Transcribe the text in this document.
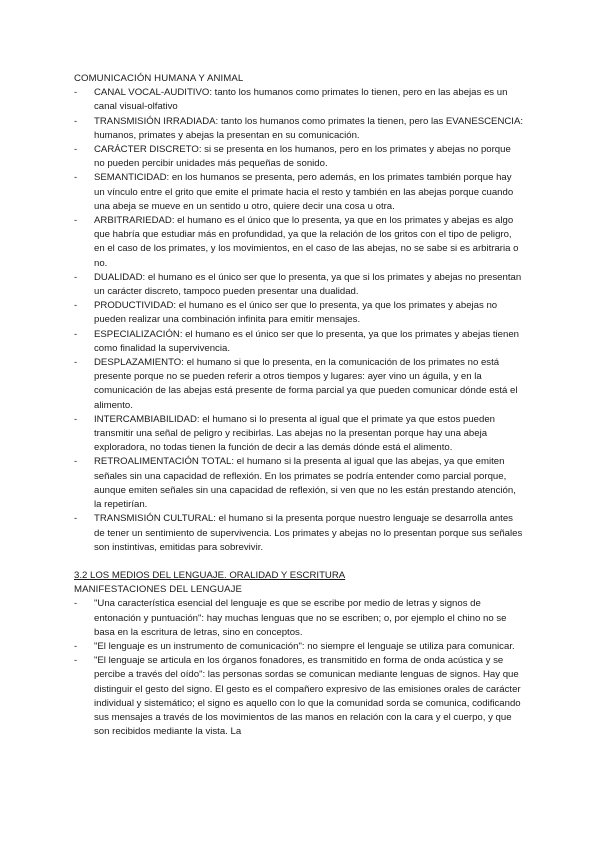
COMUNICACIÓN HUMANA Y ANIMAL

- CANAL VOCAL-AUDITIVO: tanto los humanos como primates lo tienen, pero en las abejas es un canal visual-olfativo
- TRANSMISIÓN IRRADIADA: tanto los humanos como primates la tienen, pero las EVANESCENCIA: humanos, primates y abejas la presentan en su comunicación.
- CARÁCTER DISCRETO: si se presenta en los humanos, pero en los primates y abejas no porque no pueden percibir unidades más pequeñas de sonido.
- SEMANTICIDAD: en los humanos se presenta, pero además, en los primates también porque hay un vínculo entre el grito que emite el primate hacia el resto y también en las abejas porque cuando una abeja se mueve en un sentido u otro, quiere decir una cosa u otra.
- ARBITRARIEDAD: el humano es el único que lo presenta, ya que en los primates y abejas es algo que habría que estudiar más en profundidad, ya que la relación de los gritos con el tipo de peligro, en el caso de los primates, y los movimientos, en el caso de las abejas, no se sabe si es arbitraria o no.
- DUALIDAD: el humano es el único ser que lo presenta, ya que si los primates y abejas no presentan un carácter discreto, tampoco pueden presentar una dualidad.
- PRODUCTIVIDAD: el humano es el único ser que lo presenta, ya que los primates y abejas no pueden realizar una combinación infinita para emitir mensajes.
- ESPECIALIZACIÓN: el humano es el único ser que lo presenta, ya que los primates y abejas tienen como finalidad la supervivencia.
- DESPLAZAMIENTO: el humano si que lo presenta, en la comunicación de los primates no está presente porque no se pueden referir a otros tiempos y lugares: ayer vino un águila, y en la comunicación de las abejas está presente de forma parcial ya que pueden comunicar dónde está el alimento.
- INTERCAMBIABILIDAD: el humano si lo presenta al igual que el primate ya que estos pueden transmitir una señal de peligro y recibirlas. Las abejas no la presentan porque hay una abeja exploradora, no todas tienen la función de decir a las demás dónde está el alimento.
- RETROALIMENTACIÓN TOTAL: el humano si la presenta al igual que las abejas, ya que emiten señales sin una capacidad de reflexión. En los primates se podría entender como parcial porque, aunque emiten señales sin una capacidad de reflexión, si ven que no les están prestando atención, la repetirían.
- TRANSMISIÓN CULTURAL: el humano si la presenta porque nuestro lenguaje se desarrolla antes de tener un sentimiento de supervivencia. Los primates y abejas no lo presentan porque sus señales son instintivas, emitidas para sobrevivir.

3.2 LOS MEDIOS DEL LENGUAJE. ORALIDAD Y ESCRITURA

MANIFESTACIONES DEL LENGUAJE

- "Una característica esencial del lenguaje es que se escribe por medio de letras y signos de entonación y puntuación": hay muchas lenguas que no se escriben; o, por ejemplo el chino no se basa en la escritura de letras, sino en conceptos.
- "El lenguaje es un instrumento de comunicación": no siempre el lenguaje se utiliza para comunicar.
- "El lenguaje se articula en los órganos fonadores, es transmitido en forma de onda acústica y se percibe a través del oído": las personas sordas se comunican mediante lenguas de signos. Hay que distinguir el gesto del signo. El gesto es el compañero expresivo de las emisiones orales de carácter individual y sistemático; el signo es aquello con lo que la comunidad sorda se comunica, codificando sus mensajes a través de los movimientos de las manos en relación con la cara y el cuerpo, y que son recibidos mediante la vista. La
